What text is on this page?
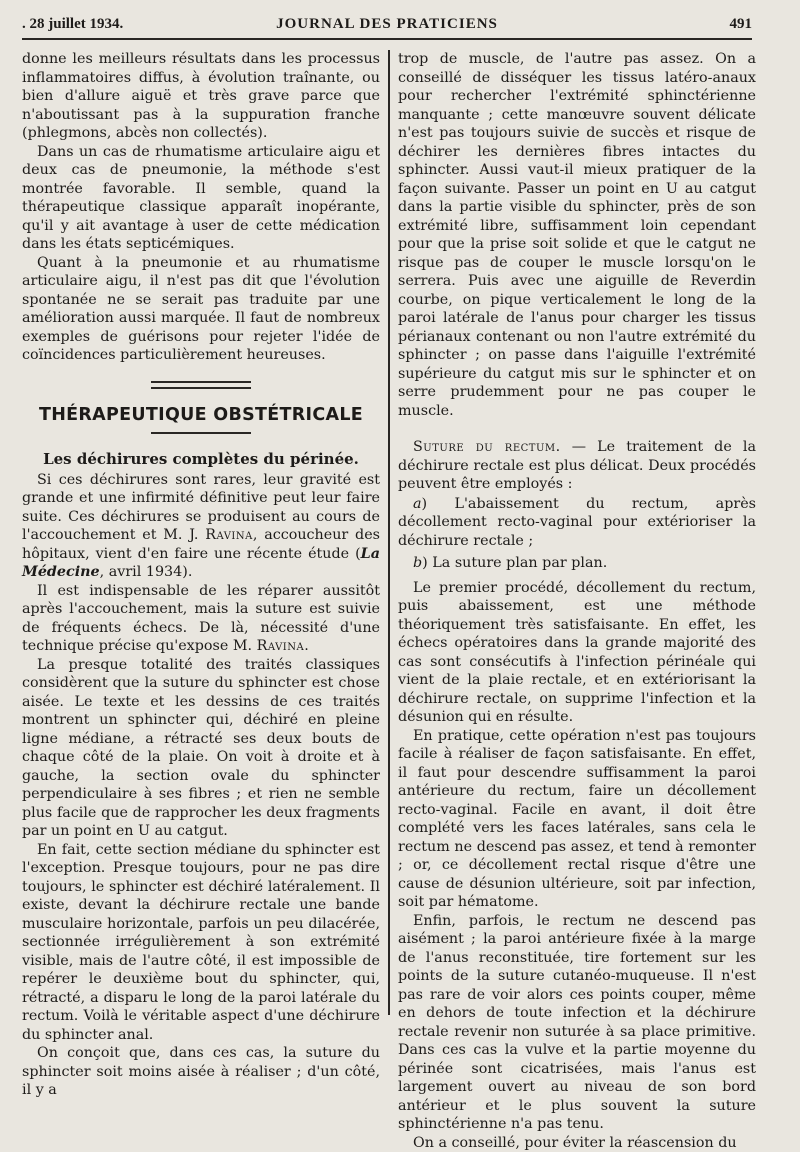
. 28 juillet 1934.	JOURNAL DES PRATICIENS	491

donne les meilleurs résultats dans les processus inflammatoires diffus, à évolution traînante, ou bien d'allure aiguë et très grave parce que n'aboutissant pas à la suppuration franche (phlegmons, abcès non collectés).

Dans un cas de rhumatisme articulaire aigu et deux cas de pneumonie, la méthode s'est montrée favorable. Il semble, quand la thérapeutique classique apparaît inopérante, qu'il y ait avantage à user de cette médication dans les états septicémiques.

Quant à la pneumonie et au rhumatisme articulaire aigu, il n'est pas dit que l'évolution spontanée ne se serait pas traduite par une amélioration aussi marquée. Il faut de nombreux exemples de guérisons pour rejeter l'idée de coïncidences particulièrement heureuses.

THÉRAPEUTIQUE OBSTÉTRICALE
Les déchirures complètes du périnée.

Si ces déchirures sont rares, leur gravité est grande et une infirmité définitive peut leur faire suite. Ces déchirures se produisent au cours de l'accouchement et M. J. Ravina, accoucheur des hôpitaux, vient d'en faire une récente étude (La Médecine, avril 1934).

Il est indispensable de les réparer aussitôt après l'accouchement, mais la suture est suivie de fréquents échecs. De là, nécessité d'une technique précise qu'expose M. Ravina.

La presque totalité des traités classiques considèrent que la suture du sphincter est chose aisée. Le texte et les dessins de ces traités montrent un sphincter qui, déchiré en pleine ligne médiane, a rétracté ses deux bouts de chaque côté de la plaie. On voit à droite et à gauche, la section ovale du sphincter perpendiculaire à ses fibres ; et rien ne semble plus facile que de rapprocher les deux fragments par un point en U au catgut.

En fait, cette section médiane du sphincter est l'exception. Presque toujours, pour ne pas dire toujours, le sphincter est déchiré latéralement. Il existe, devant la déchirure rectale une bande musculaire horizontale, parfois un peu dilacérée, sectionnée irrégulièrement à son extrémité visible, mais de l'autre côté, il est impossible de repérer le deuxième bout du sphincter, qui, rétracté, a disparu le long de la paroi latérale du rectum. Voilà le véritable aspect d'une déchirure du sphincter anal.

On conçoit que, dans ces cas, la suture du sphincter soit moins aisée à réaliser ; d'un côté, il y a

trop de muscle, de l'autre pas assez. On a conseillé de disséquer les tissus latéro-anaux pour rechercher l'extrémité sphinctérienne manquante ; cette manœuvre souvent délicate n'est pas toujours suivie de succès et risque de déchirer les dernières fibres intactes du sphincter. Aussi vaut-il mieux pratiquer de la façon suivante. Passer un point en U au catgut dans la partie visible du sphincter, près de son extrémité libre, suffisamment loin cependant pour que la prise soit solide et que le catgut ne risque pas de couper le muscle lorsqu'on le serrera. Puis avec une aiguille de Reverdin courbe, on pique verticalement le long de la paroi latérale de l'anus pour charger les tissus périanaux contenant ou non l'autre extrémité du sphincter ; on passe dans l'aiguille l'extrémité supérieure du catgut mis sur le sphincter et on serre prudemment pour ne pas couper le muscle.

Suture du rectum. — Le traitement de la déchirure rectale est plus délicat. Deux procédés peuvent être employés :

a) L'abaissement du rectum, après décollement recto-vaginal pour extérioriser la déchirure rectale ;

b) La suture plan par plan.

Le premier procédé, décollement du rectum, puis abaissement, est une méthode théoriquement très satisfaisante. En effet, les échecs opératoires dans la grande majorité des cas sont consécutifs à l'infection périnéale qui vient de la plaie rectale, et en extériorisant la déchirure rectale, on supprime l'infection et la désunion qui en résulte.

En pratique, cette opération n'est pas toujours facile à réaliser de façon satisfaisante. En effet, il faut pour descendre suffisamment la paroi antérieure du rectum, faire un décollement recto-vaginal. Facile en avant, il doit être complété vers les faces latérales, sans cela le rectum ne descend pas assez, et tend à remonter ; or, ce décollement rectal risque d'être une cause de désunion ultérieure, soit par infection, soit par hématome.

Enfin, parfois, le rectum ne descend pas aisément ; la paroi antérieure fixée à la marge de l'anus reconstituée, tire fortement sur les points de la suture cutanéo-muqueuse. Il n'est pas rare de voir alors ces points couper, même en dehors de toute infection et la déchirure rectale revenir non suturée à sa place primitive. Dans ces cas la vulve et la partie moyenne du périnée sont cicatrisées, mais l'anus est largement ouvert au niveau de son bord antérieur et le plus souvent la suture sphinctérienne n'a pas tenu.

On a conseillé, pour éviter la réascension du
